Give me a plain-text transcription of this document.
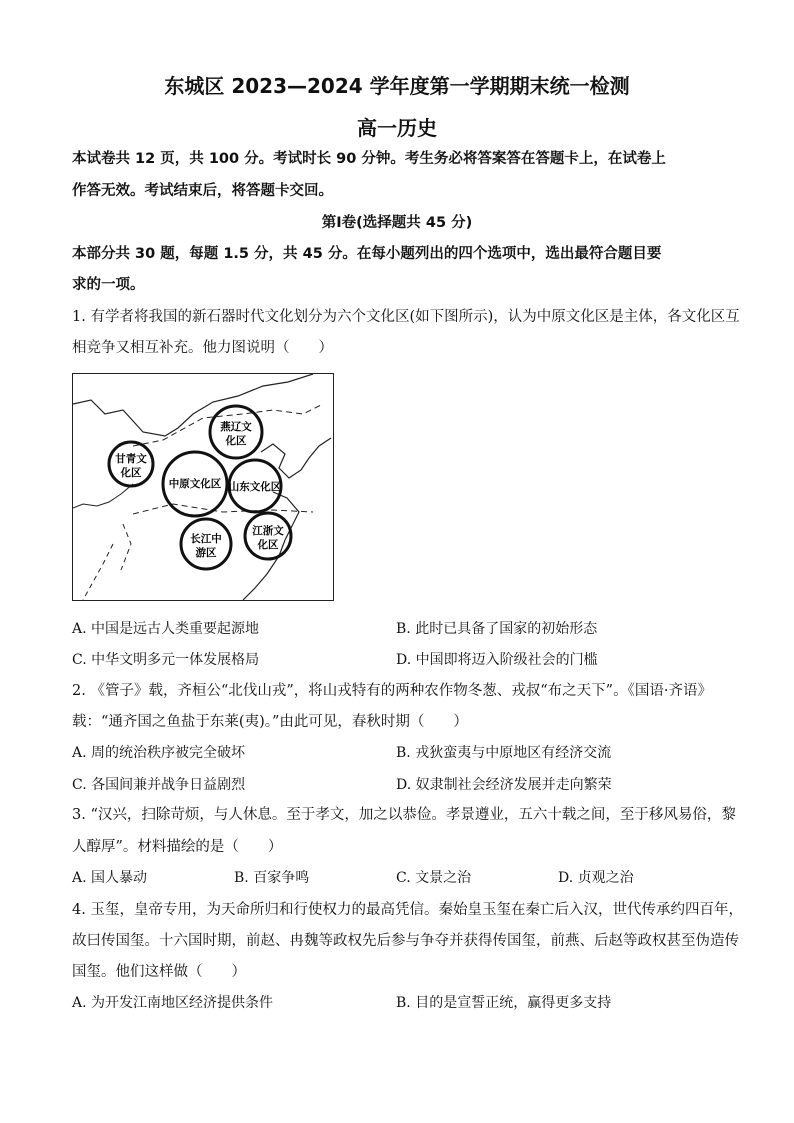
东城区 2023—2024 学年度第一学期期末统一检测
高一历史
本试卷共 12 页，共 100 分。考试时长 90 分钟。考生务必将答案答在答题卡上，在试卷上
作答无效。考试结束后，将答题卡交回。
第Ⅰ卷(选择题共 45 分)
本部分共 30 题，每题 1.5 分，共 45 分。在每小题列出的四个选项中，选出最符合题目要
求的一项。
1. 有学者将我国的新石器时代文化划分为六个文化区(如下图所示)，认为中原文化区是主体，各文化区互
相竞争又相互补充。他力图说明（　　）
燕辽文
化区
甘青文
化区
中原文化区 山东文化区
江浙文
化区
长江中
游区
A. 中国是远古人类重要起源地	B. 此时已具备了国家的初始形态
C. 中华文明多元一体发展格局	D. 中国即将迈入阶级社会的门槛
2. 《管子》载，齐桓公“北伐山戎”，将山戎特有的两种农作物冬葱、戎叔“布之天下”。《国语·齐语》
载：“通齐国之鱼盐于东莱(夷)。”由此可见，春秋时期（　　）
A. 周的统治秩序被完全破坏	B. 戎狄蛮夷与中原地区有经济交流
C. 各国间兼并战争日益剧烈	D. 奴隶制社会经济发展并走向繁荣
3. “汉兴，扫除苛烦，与人休息。至于孝文，加之以恭俭。孝景遵业，五六十载之间，至于移风易俗，黎
人醇厚”。材料描绘的是（　　）
A. 国人暴动	B. 百家争鸣	C. 文景之治	D. 贞观之治
4. 玉玺，皇帝专用，为天命所归和行使权力的最高凭信。秦始皇玉玺在秦亡后入汉，世代传承约四百年，
故曰传国玺。十六国时期，前赵、冉魏等政权先后参与争夺并获得传国玺，前燕、后赵等政权甚至伪造传
国玺。他们这样做（　　）
A. 为开发江南地区经济提供条件	B. 目的是宣誓正统，赢得更多支持
